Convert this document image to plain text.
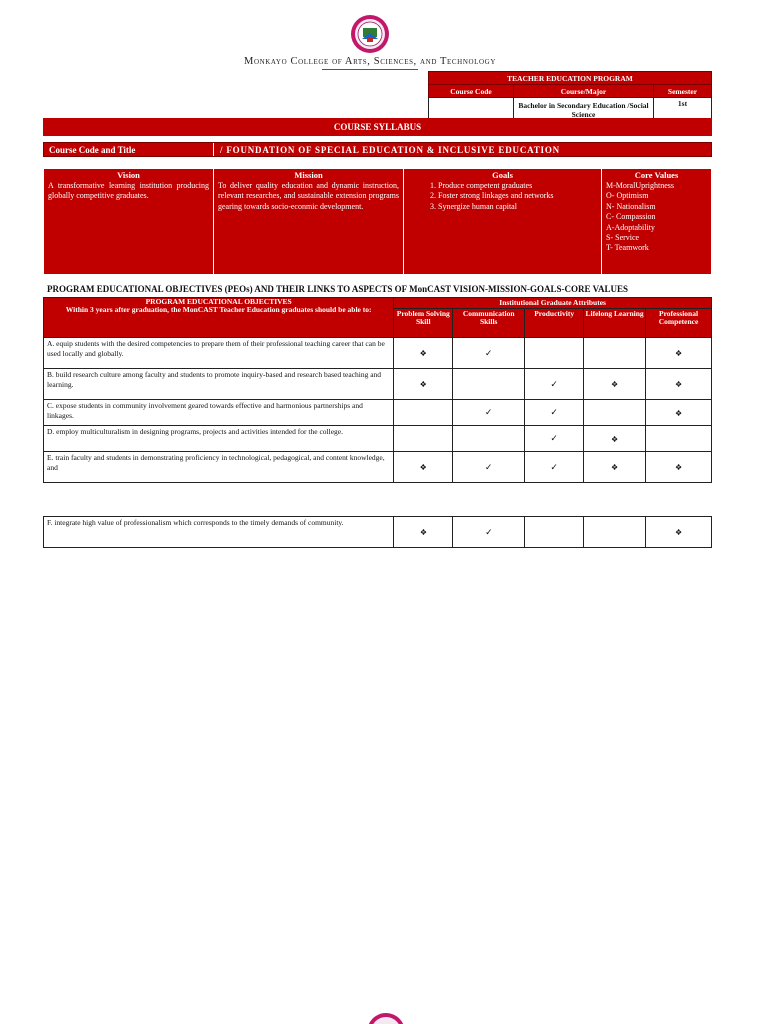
Monkayo College of Arts, Sciences, and Technology
TEACHER EDUCATION PROGRAM		
Course Code	Course/Major	Semester
	Bachelor in Secondary Education /Social Science	1st
COURSE SYLLABUS
Course Code and Title	/ FOUNDATION OF SPECIAL EDUCATION & INCLUSIVE EDUCATION
Vision
A transformative learning institution producing globally competitive graduates.	
Mission
To deliver quality education and dynamic instruction, relevant researches, and sustainable extension programs gearing towards socio-econmic development.	
Goals
1. Produce competent graduates
2. Foster strong linkages and networks
3. Synergize human capital

Core Values
M-MoralUprightness
O- Optimism
N- Nationalism
C- Compassion
A-Adoptability
S- Service
T- Teamwork
PROGRAM EDUCATIONAL OBJECTIVES (PEOs) AND THEIR LINKS TO ASPECTS OF MonCAST VISION-MISSION-GOALS-CORE VALUES
PROGRAM EDUCATIONAL OBJECTIVES
Within 3 years after graduation, the MonCAST Teacher Education graduates should be able to:	Institutional Graduate Attributes				
	Problem Solving Skill	Communication Skills	Productivity	Lifelong Learning	Professional Competence
A. equip students with the desired competencies to prepare them of their professional teaching career that can be used locally and globally.	❖	✓			❖
B. build research culture among faculty and students to promote inquiry-based and research based teaching and learning.	❖		✓	❖	❖
C. expose students in community involvement geared towards effective and harmonious partnerships and linkages.		✓	✓		❖
D. employ multiculturalism in designing programs, projects and activities intended for the college.			✓	❖	
E. train faculty and students in demonstrating proficiency in technological, pedagogical, and content knowledge, and	❖	✓	✓	❖	❖
F. integrate high value of professionalism which corresponds to the timely demands of community.	❖	✓			❖
